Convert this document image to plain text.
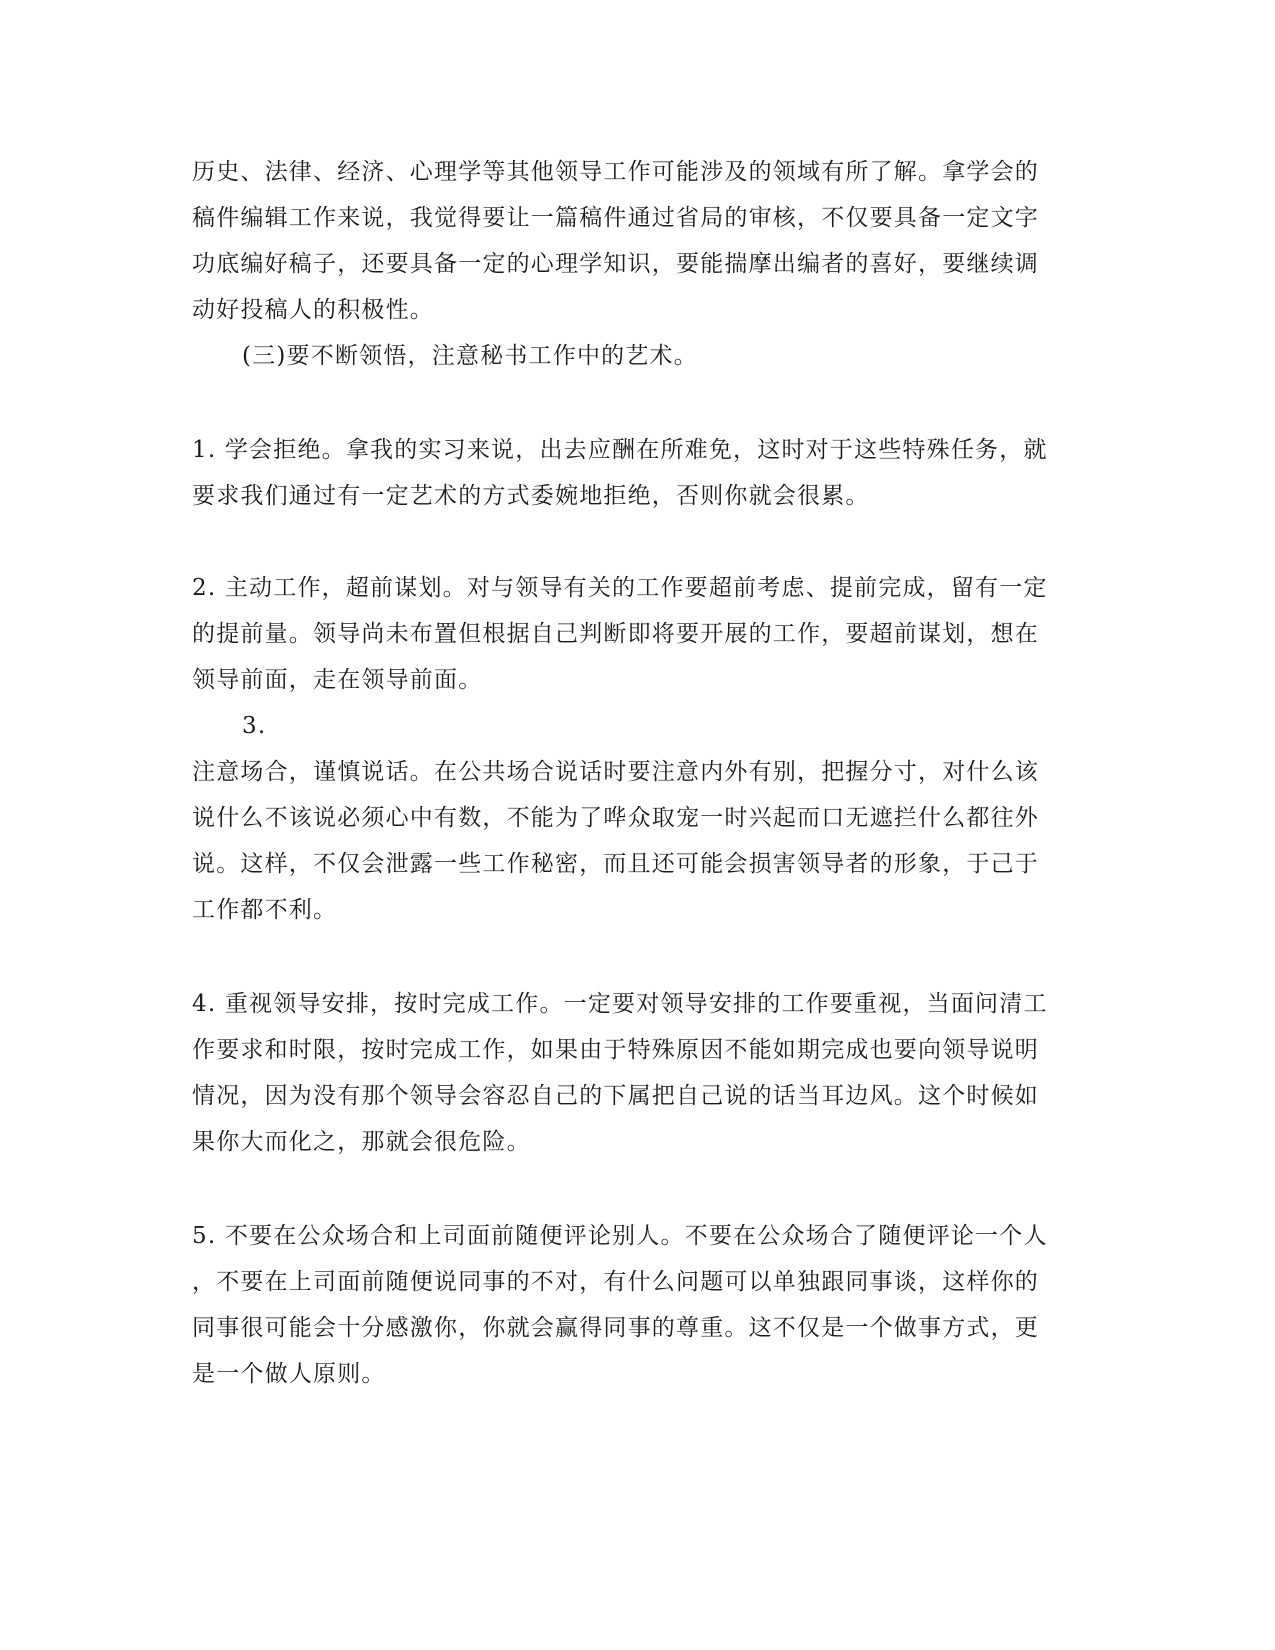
历史、法律、经济、心理学等其他领导工作可能涉及的领域有所了解。拿学会的

稿件编辑工作来说，我觉得要让一篇稿件通过省局的审核，不仅要具备一定文字

功底编好稿子，还要具备一定的心理学知识，要能揣摩出编者的喜好，要继续调

动好投稿人的积极性。

(三)要不断领悟，注意秘书工作中的艺术。

1. 学会拒绝。拿我的实习来说，出去应酬在所难免，这时对于这些特殊任务，就

要求我们通过有一定艺术的方式委婉地拒绝，否则你就会很累。

2. 主动工作，超前谋划。对与领导有关的工作要超前考虑、提前完成，留有一定

的提前量。领导尚未布置但根据自己判断即将要开展的工作，要超前谋划，想在

领导前面，走在领导前面。

3.

注意场合，谨慎说话。在公共场合说话时要注意内外有别，把握分寸，对什么该

说什么不该说必须心中有数，不能为了哗众取宠一时兴起而口无遮拦什么都往外

说。这样，不仅会泄露一些工作秘密，而且还可能会损害领导者的形象，于己于

工作都不利。

4. 重视领导安排，按时完成工作。一定要对领导安排的工作要重视，当面问清工

作要求和时限，按时完成工作，如果由于特殊原因不能如期完成也要向领导说明

情况，因为没有那个领导会容忍自己的下属把自己说的话当耳边风。这个时候如

果你大而化之，那就会很危险。

5. 不要在公众场合和上司面前随便评论别人。不要在公众场合了随便评论一个人

，不要在上司面前随便说同事的不对，有什么问题可以单独跟同事谈，这样你的

同事很可能会十分感激你，你就会赢得同事的尊重。这不仅是一个做事方式，更

是一个做人原则。
